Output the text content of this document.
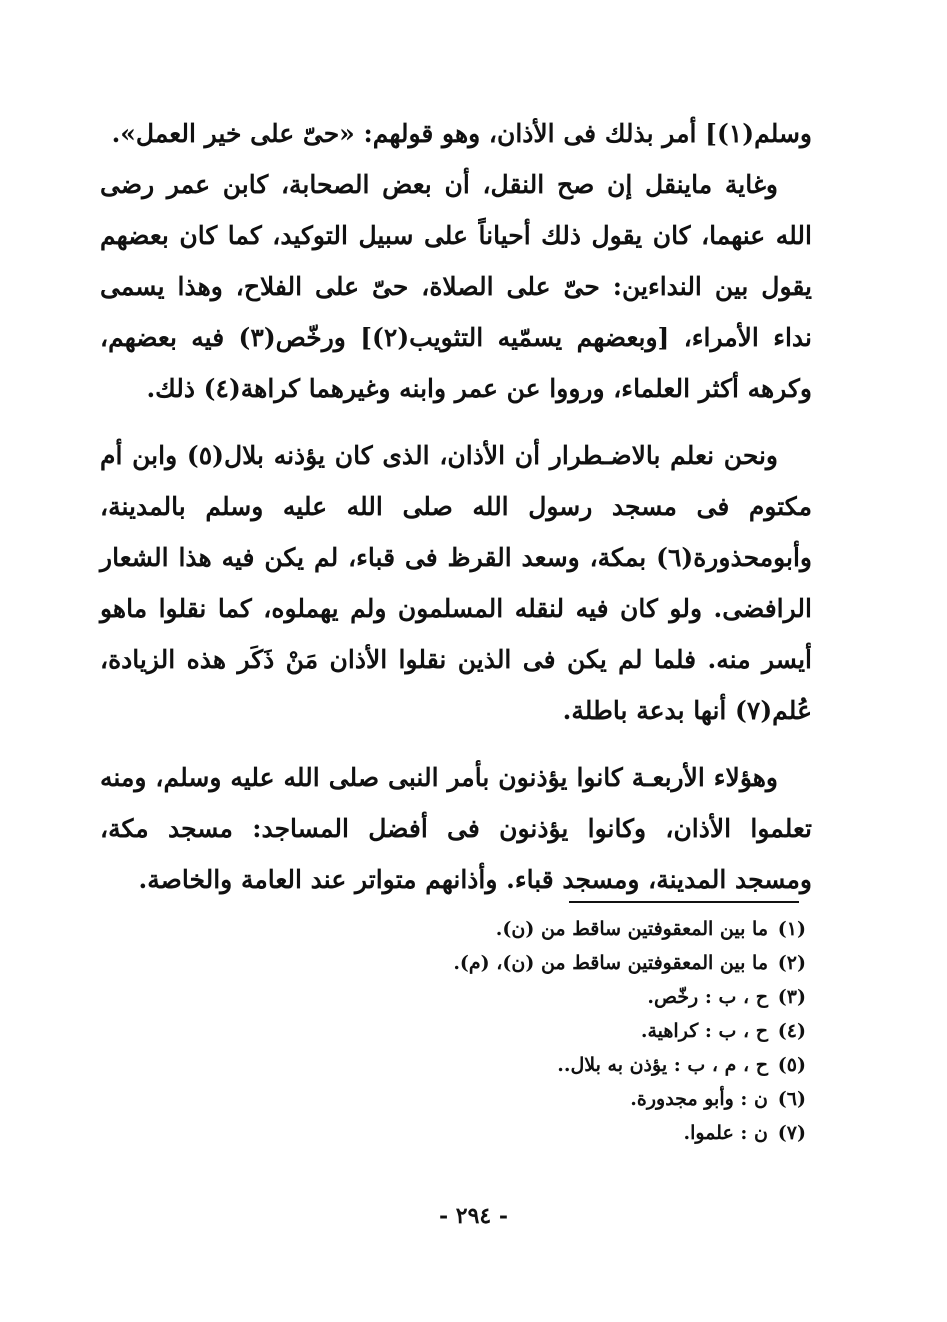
وسلم(١)] أمر بذلك فى الأذان، وهو قولهم: «حىّ على خير العمل».

وغاية ماينقل إن صح النقل، أن بعض الصحابة، كابن عمر رضى الله عنهما، كان يقول ذلك أحياناً على سبيل التوكيد، كما كان بعضهم يقول بين النداءين: حىّ على الصلاة، حىّ على الفلاح، وهذا يسمى نداء الأمراء، [وبعضهم يسمّيه التثويب(٢)] ورخّص(٣) فيه بعضهم، وكرهه أكثر العلماء، ورووا عن عمر وابنه وغيرهما كراهة(٤) ذلك.

ونحن نعلم بالاضـطرار أن الأذان، الذى كان يؤذنه بلال(٥) وابن أم مكتوم فى مسجد رسول الله صلى الله عليه وسلم بالمدينة، وأبومحذورة(٦) بمكة، وسعد القرظ فى قباء، لم يكن فيه هذا الشعار الرافضى. ولو كان فيه لنقله المسلمون ولم يهملوه، كما نقلوا ماهو أيسر منه. فلما لم يكن فى الذين نقلوا الأذان مَنْ ذَكَر هذه الزيادة، عُلم(٧) أنها بدعة باطلة.

وهؤلاء الأربعـة كانوا يؤذنون بأمر النبى صلى الله عليه وسلم، ومنه تعلموا الأذان، وكانوا يؤذنون فى أفضل المساجد: مسجد مكة، ومسجد المدينة، ومسجد قباء. وأذانهم متواتر عند العامة والخاصة.

(١)
ما بين المعقوفتين ساقط من (ن).
(٢)
ما بين المعقوفتين ساقط من (ن)، (م).
(٣)
ح ، ب : رخّص.
(٤)
ح ، ب : كراهية.
(٥)
ح ، م ، ب : يؤذن به بلال..
(٦)
ن : وأبو مجدورة.
(٧)
ن : علموا.
- ٢٩٤ -
